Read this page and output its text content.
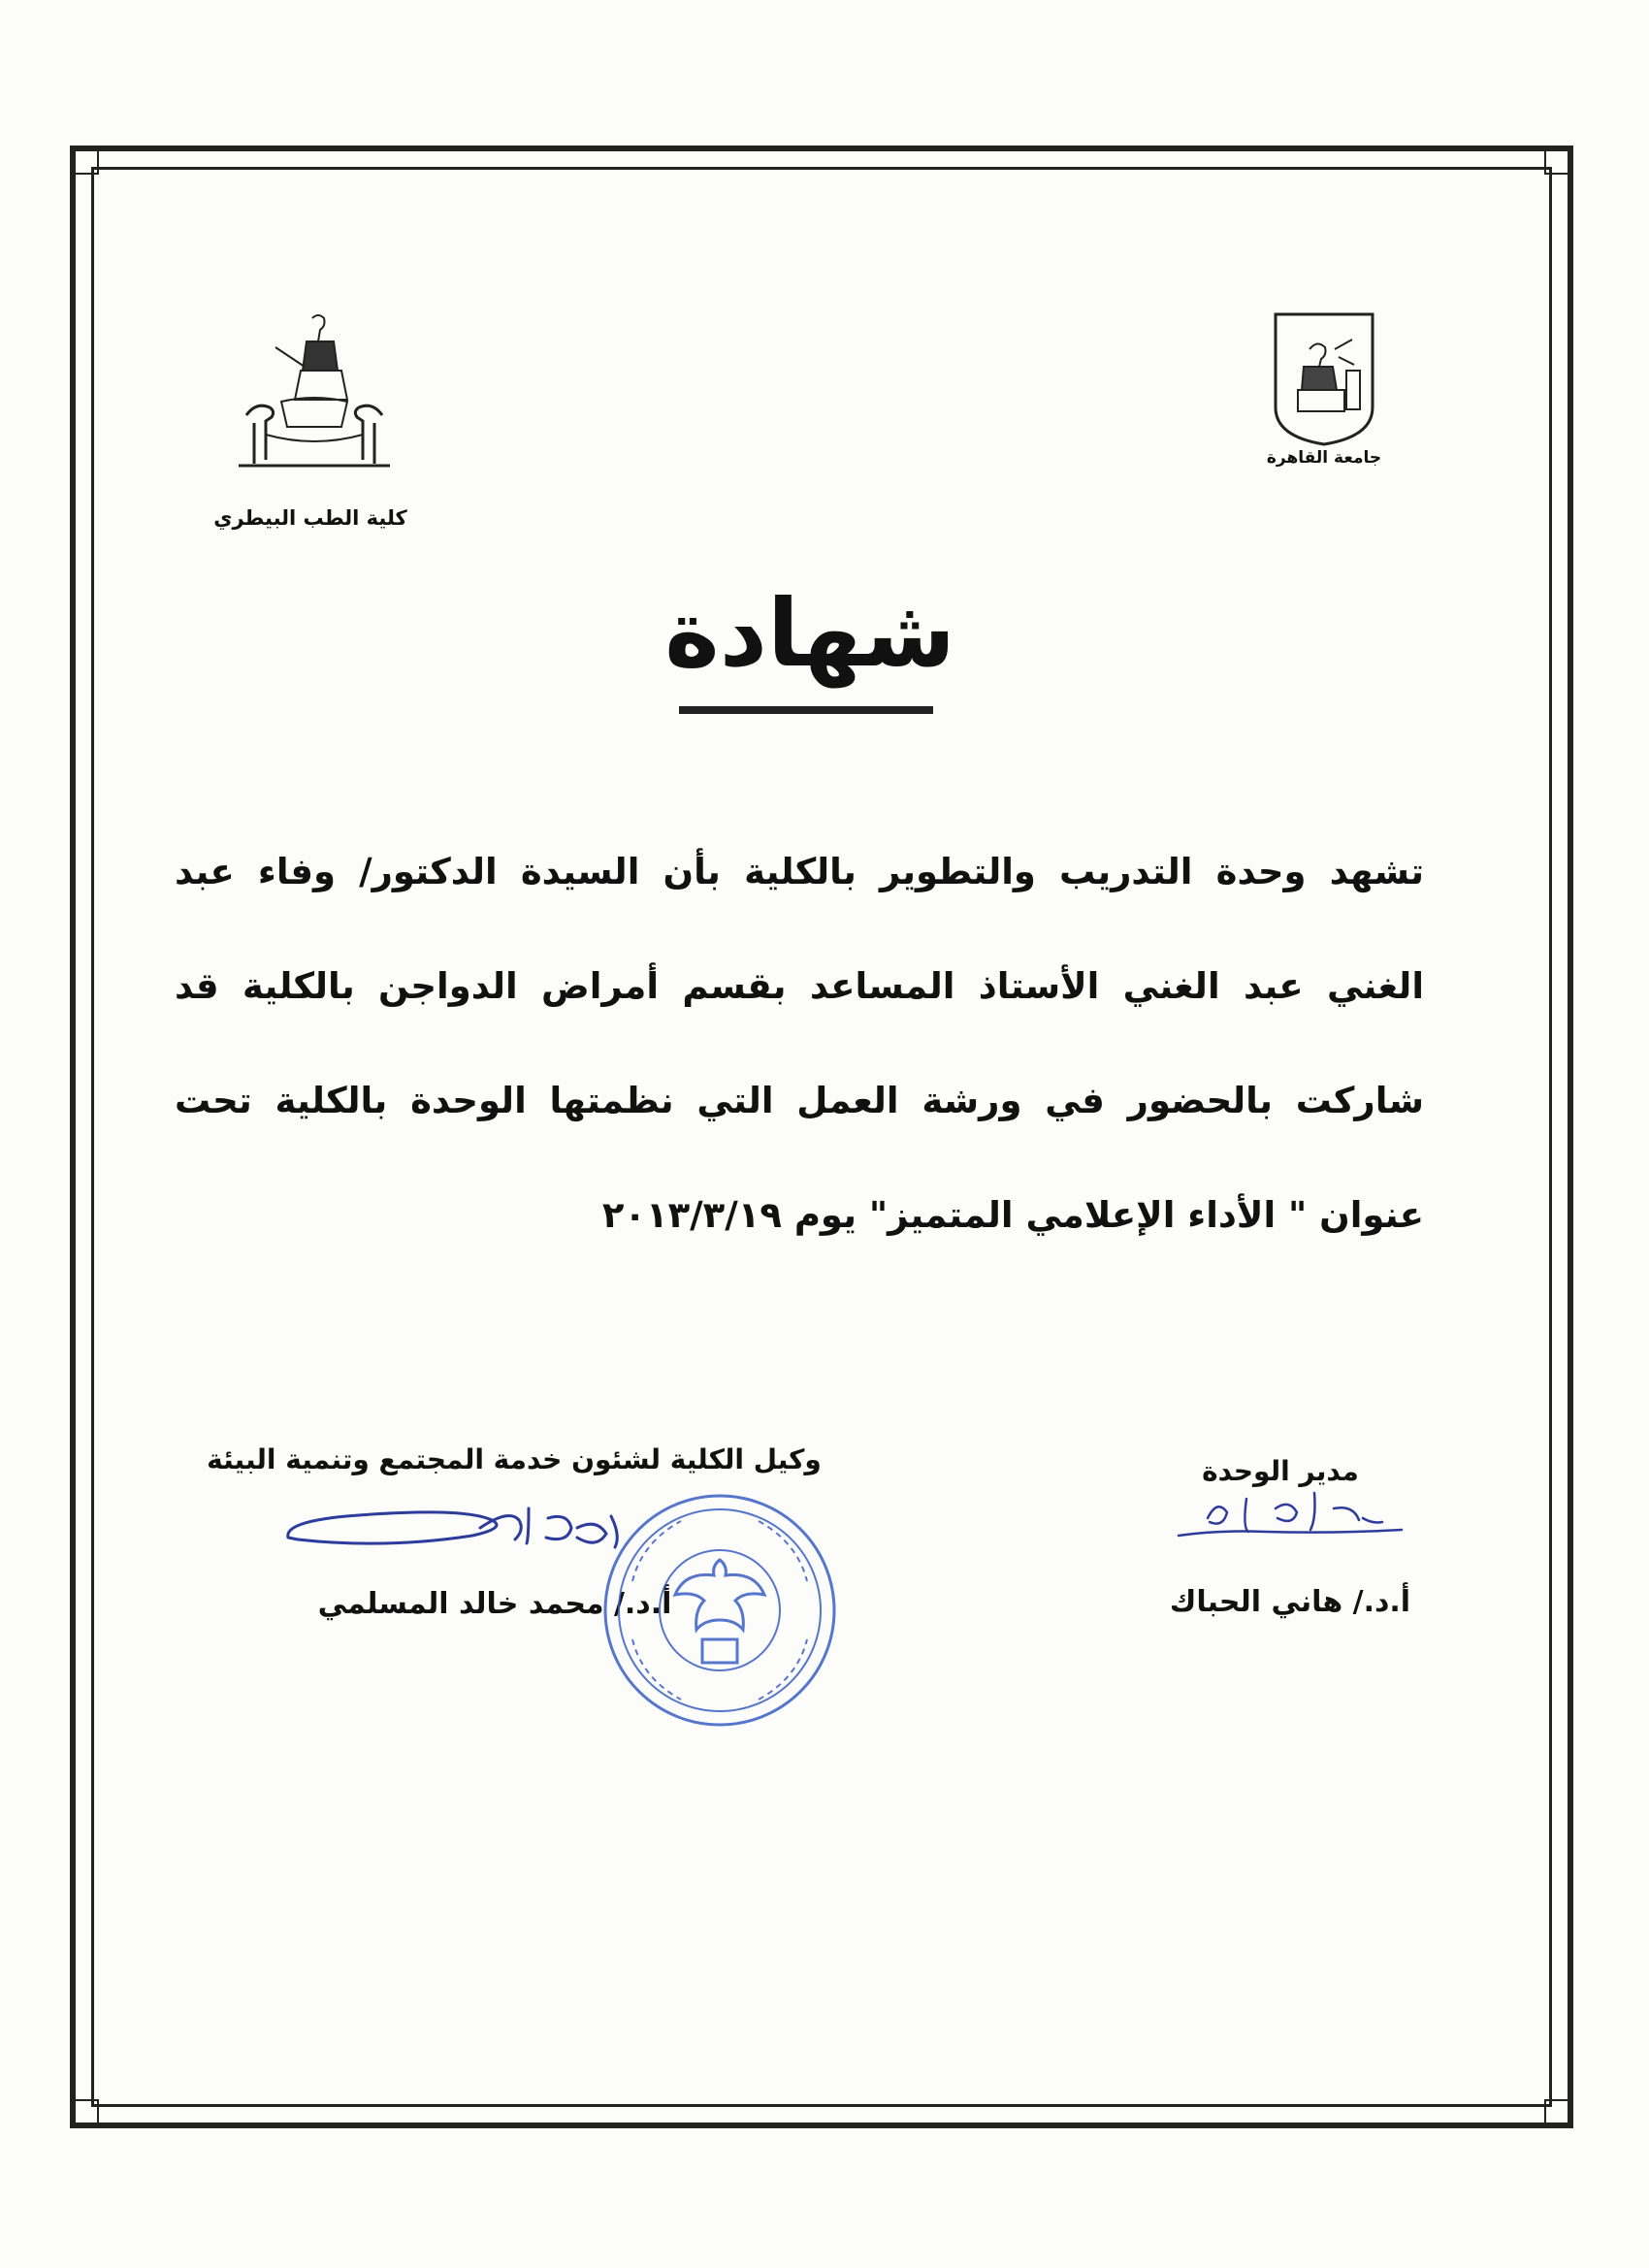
كلية الطب البيطري
جامعة القاهرة
شهادة
تشهد وحدة التدريب والتطوير بالكلية بأن السيدة الدكتور/ وفاء عبد الغني عبد الغني الأستاذ المساعد بقسم أمراض الدواجن بالكلية قد شاركت بالحضور في ورشة العمل التي نظمتها الوحدة بالكلية تحت عنوان " الأداء الإعلامي المتميز" يوم ٢٠١٣/٣/١٩
وكيل الكلية لشئون خدمة المجتمع وتنمية البيئة
أ.د./ محمد خالد المسلمي
مدير الوحدة
أ.د./ هاني الحباك
